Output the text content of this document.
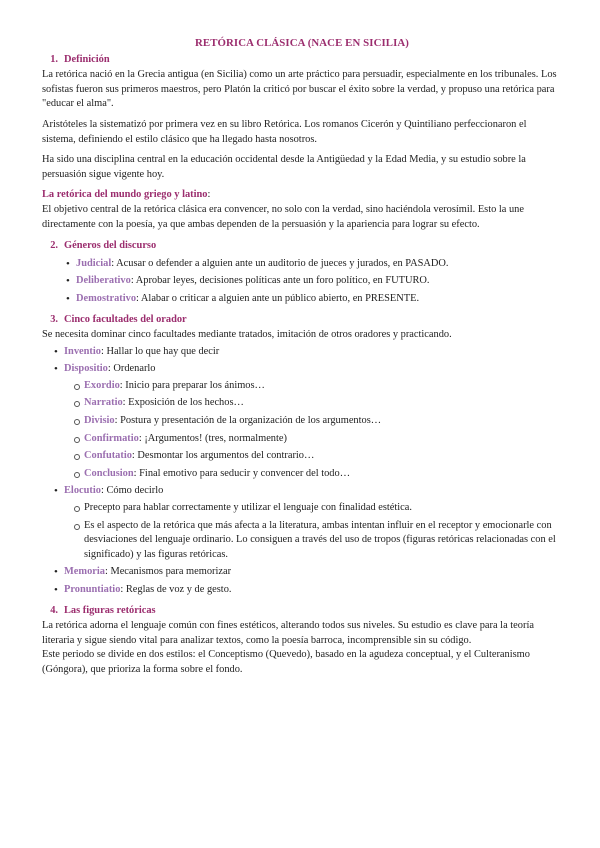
RETÓRICA CLÁSICA (NACE EN SICILIA)
1. Definición

La retórica nació en la Grecia antigua (en Sicilia) como un arte práctico para persuadir, especialmente en los tribunales. Los sofistas fueron sus primeros maestros, pero Platón la criticó por buscar el éxito sobre la verdad, y propuso una retórica para "educar el alma".

Aristóteles la sistematizó por primera vez en su libro Retórica. Los romanos Cicerón y Quintiliano perfeccionaron el sistema, definiendo el estilo clásico que ha llegado hasta nosotros.

Ha sido una disciplina central en la educación occidental desde la Antigüedad y la Edad Media, y su estudio sobre la persuasión sigue vigente hoy.

La retórica del mundo griego y latino:

El objetivo central de la retórica clásica era convencer, no solo con la verdad, sino haciéndola verosímil. Esto la une directamente con la poesía, ya que ambas dependen de la persuasión y la apariencia para lograr su efecto.

2. Géneros del discurso
• Judicial: Acusar o defender a alguien ante un auditorio de jueces y jurados, en PASADO.
• Deliberativo: Aprobar leyes, decisiones políticas ante un foro político, en FUTURO.
• Demostrativo: Alabar o criticar a alguien ante un público abierto, en PRESENTE.
3. Cinco facultades del orador

Se necesita dominar cinco facultades mediante tratados, imitación de otros oradores y practicando.

• Inventio: Hallar lo que hay que decir
• Dispositio: Ordenarlo
Exordio: Inicio para preparar los ánimos…
Narratio: Exposición de los hechos…
Divisio: Postura y presentación de la organización de los argumentos…
Confirmatio: ¡Argumentos! (tres, normalmente)
Confutatio: Desmontar los argumentos del contrario…
Conclusion: Final emotivo para seducir y convencer del todo…
• Elocutio: Cómo decirlo
Precepto para hablar correctamente y utilizar el lenguaje con finalidad estética.
Es el aspecto de la retórica que más afecta a la literatura, ambas intentan influir en el receptor y emocionarle con desviaciones del lenguaje ordinario. Lo consiguen a través del uso de tropos (figuras retóricas relacionadas con el significado) y las figuras retóricas.
• Memoria: Mecanismos para memorizar
• Pronuntiatio: Reglas de voz y de gesto.
4. Las figuras retóricas

La retórica adorna el lenguaje común con fines estéticos, alterando todos sus niveles. Su estudio es clave para la teoría literaria y sigue siendo vital para analizar textos, como la poesía barroca, incomprensible sin su código.

Este periodo se divide en dos estilos: el Conceptismo (Quevedo), basado en la agudeza conceptual, y el Culteranismo (Góngora), que prioriza la forma sobre el fondo.
